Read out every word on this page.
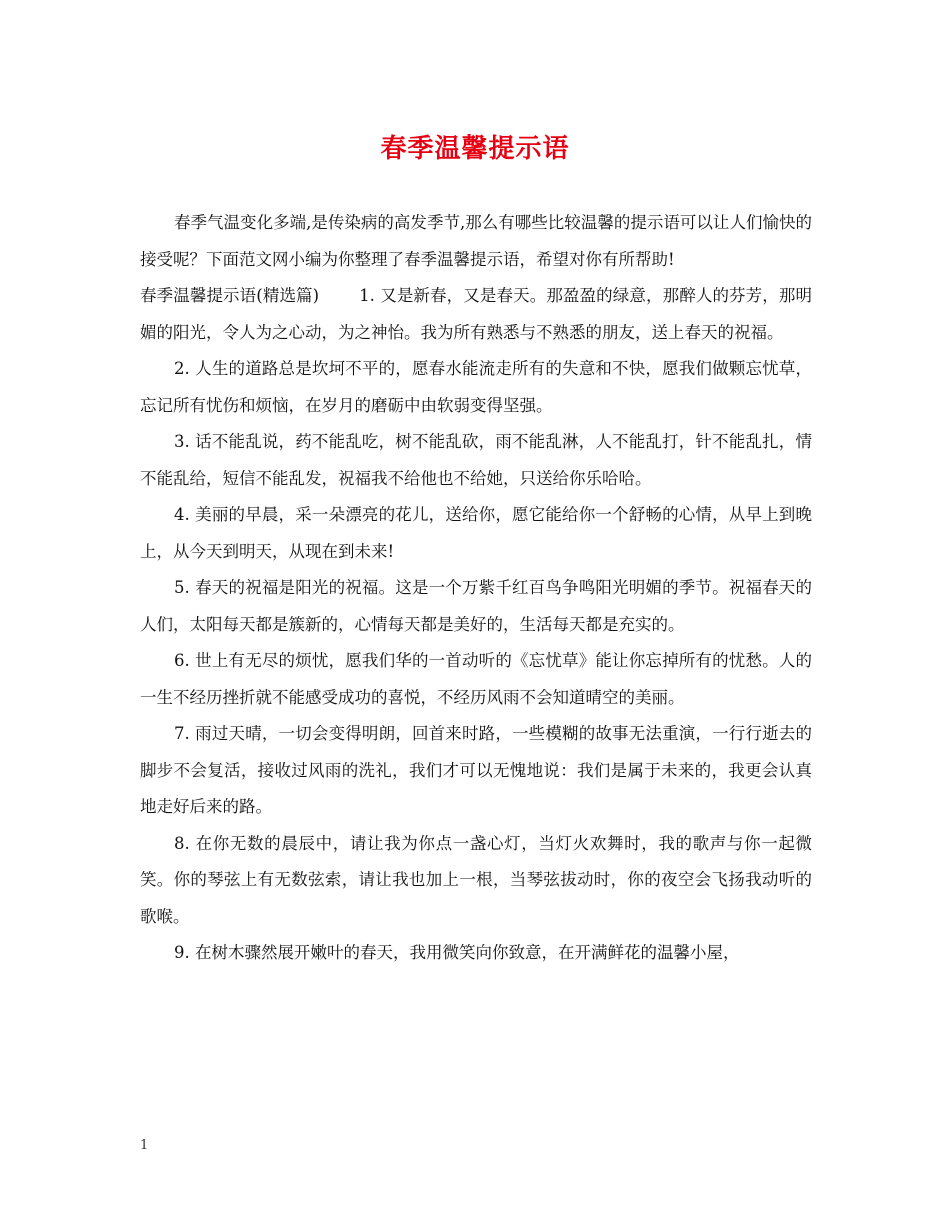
春季温馨提示语

春季气温变化多端,是传染病的高发季节,那么有哪些比较温馨的提示语可以让人们愉快的接受呢？下面范文网小编为你整理了春季温馨提示语，希望对你有所帮助!

春季温馨提示语(精选篇) 1. 又是新春，又是春天。那盈盈的绿意，那醉人的芬芳，那明媚的阳光，令人为之心动，为之神怡。我为所有熟悉与不熟悉的朋友，送上春天的祝福。

2. 人生的道路总是坎坷不平的，愿春水能流走所有的失意和不快，愿我们做颗忘忧草，忘记所有忧伤和烦恼，在岁月的磨砺中由软弱变得坚强。

3. 话不能乱说，药不能乱吃，树不能乱砍，雨不能乱淋，人不能乱打，针不能乱扎，情不能乱给，短信不能乱发，祝福我不给他也不给她，只送给你乐哈哈。

4. 美丽的早晨，采一朵漂亮的花儿，送给你，愿它能给你一个舒畅的心情，从早上到晚上，从今天到明天，从现在到未来!

5. 春天的祝福是阳光的祝福。这是一个万紫千红百鸟争鸣阳光明媚的季节。祝福春天的人们，太阳每天都是簇新的，心情每天都是美好的，生活每天都是充实的。

6. 世上有无尽的烦忧，愿我们华的一首动听的《忘忧草》能让你忘掉所有的忧愁。人的一生不经历挫折就不能感受成功的喜悦，不经历风雨不会知道晴空的美丽。

7. 雨过天晴，一切会变得明朗，回首来时路，一些模糊的故事无法重演，一行行逝去的脚步不会复活，接收过风雨的洗礼，我们才可以无愧地说：我们是属于未来的，我更会认真地走好后来的路。

8. 在你无数的晨辰中，请让我为你点一盏心灯，当灯火欢舞时，我的歌声与你一起微笑。你的琴弦上有无数弦索，请让我也加上一根，当琴弦拔动时，你的夜空会飞扬我动听的歌喉。

9. 在树木骤然展开嫩叶的春天，我用微笑向你致意，在开满鲜花的温馨小屋，

1
